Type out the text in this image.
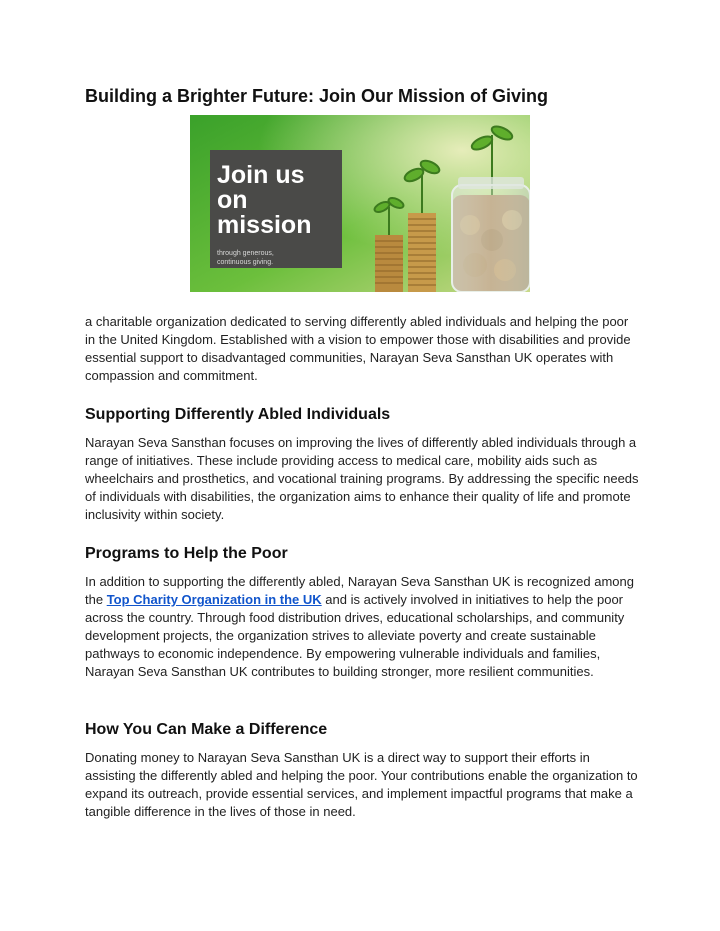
Building a Brighter Future: Join Our Mission of Giving
Join us
on
mission
through generous,
continuous giving.

a charitable organization dedicated to serving differently abled individuals and helping the poor in the United Kingdom. Established with a vision to empower those with disabilities and provide essential support to disadvantaged communities, Narayan Seva Sansthan UK operates with compassion and commitment.

Supporting Differently Abled Individuals

Narayan Seva Sansthan focuses on improving the lives of differently abled individuals through a range of initiatives. These include providing access to medical care, mobility aids such as wheelchairs and prosthetics, and vocational training programs. By addressing the specific needs of individuals with disabilities, the organization aims to enhance their quality of life and promote inclusivity within society.

Programs to Help the Poor

In addition to supporting the differently abled, Narayan Seva Sansthan UK is recognized among the Top Charity Organization in the UK and is actively involved in initiatives to help the poor across the country. Through food distribution drives, educational scholarships, and community development projects, the organization strives to alleviate poverty and create sustainable pathways to economic independence. By empowering vulnerable individuals and families, Narayan Seva Sansthan UK contributes to building stronger, more resilient communities.

How You Can Make a Difference

Donating money to Narayan Seva Sansthan UK is a direct way to support their efforts in assisting the differently abled and helping the poor. Your contributions enable the organization to expand its outreach, provide essential services, and implement impactful programs that make a tangible difference in the lives of those in need.
